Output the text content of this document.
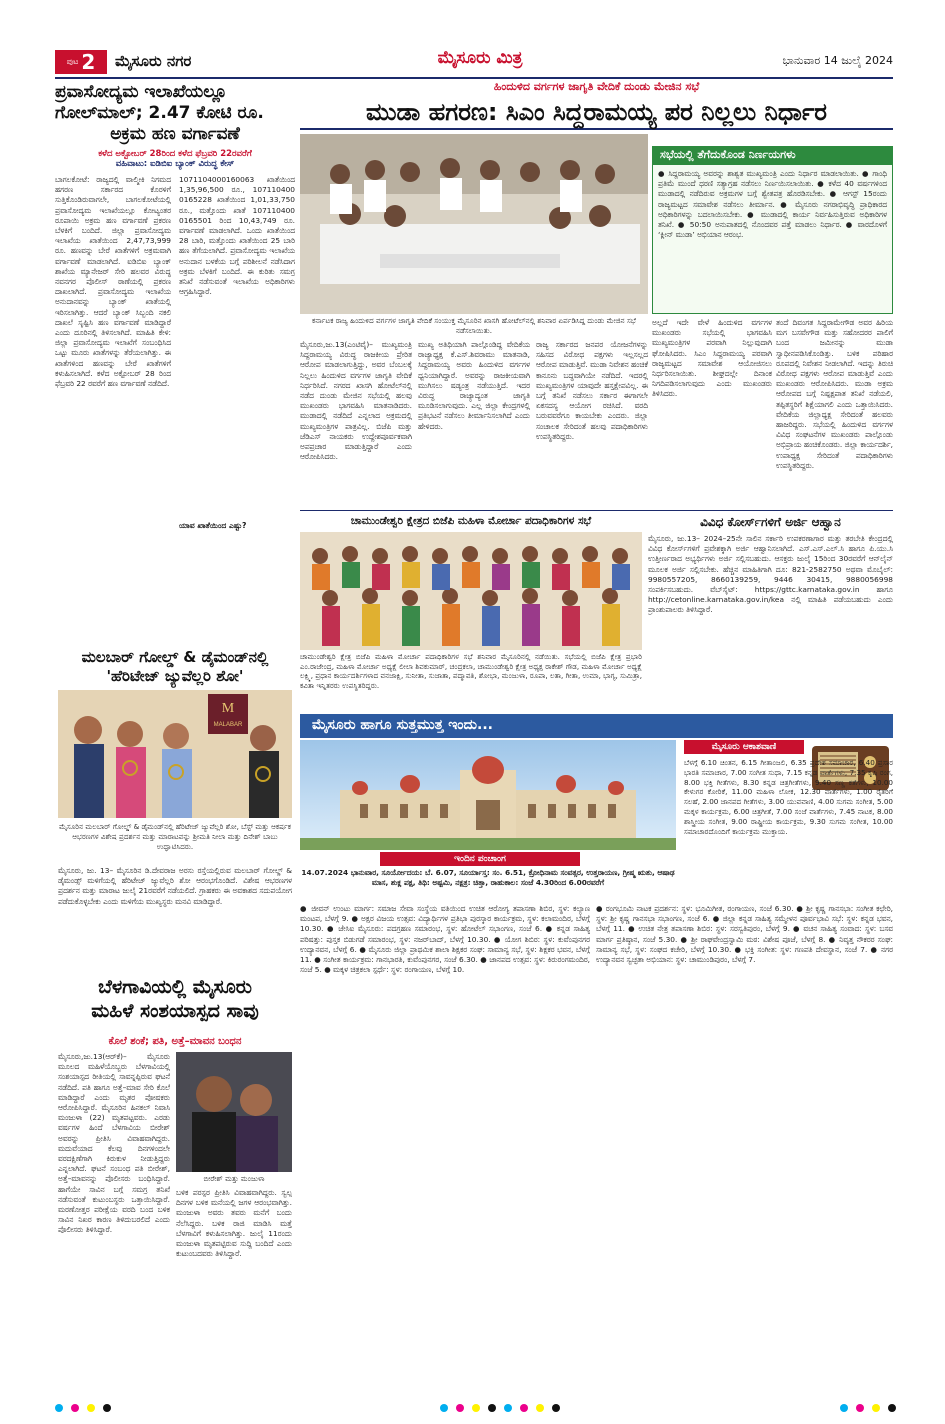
ಪುಟ 2 ಮೈಸೂರು ನಗರ	ಮೈಸೂರು ಮಿತ್ರ	ಭಾನುವಾರ 14 ಜುಲೈ 2024
ಪ್ರವಾಸೋದ್ಯಮ ಇಲಾಖೆಯಲ್ಲೂ
ಗೋಲ್‌ಮಾಲ್; 2.47 ಕೋಟಿ ರೂ.
ಅಕ್ರಮ ಹಣ ವರ್ಗಾವಣೆ
ಕಳೆದ ಅಕ್ಟೋಬರ್ 28ರಿಂದ ಕಳೆದ ಫೆಬ್ರವರಿ 22ರವರೆಗೆ
ವಹಿವಾಟು: ಐಡಿಬಿಐ ಬ್ಯಾಂಕ್ ವಿರುದ್ಧ ಕೇಸ್
ಬಾಗಲಕೋಟೆ: ರಾಜ್ಯದಲ್ಲಿ ವಾಲ್ಮೀಕಿ ನಿಗಮದ ಹಗರಣ ಸರ್ಕಾರದ ಕೊರಳಿಗೆ ಸುತ್ತಿಕೊಂಡಿರುವಾಗಲೇ, ಬಾಗಲಕೋಟೆಯಲ್ಲಿ ಪ್ರವಾಸೋದ್ಯಮ ಇಲಾಖೆಯಲ್ಲೂ ಕೋಟ್ಯಂತರ ರೂಪಾಯಿ ಅಕ್ರಮ ಹಣ ವರ್ಗಾವಣೆ ಪ್ರಕರಣ ಬೆಳಕಿಗೆ ಬಂದಿದೆ. ಜಿಲ್ಲಾ ಪ್ರವಾಸೋದ್ಯಮ ಇಲಾಖೆಯ ಖಾತೆಯಿಂದ 2,47,73,999 ರೂ. ಹಣವನ್ನು ಬೇರೆ ಖಾತೆಗಳಿಗೆ ಅಕ್ರಮವಾಗಿ ವರ್ಗಾವಣೆ ಮಾಡಲಾಗಿದೆ. ಐಡಿಬಿಐ ಬ್ಯಾಂಕ್ ಶಾಖೆಯ ಮ್ಯಾನೇಜರ್ ಸೇರಿ ಹಲವರ ವಿರುದ್ಧ ನವನಗರ ಪೊಲೀಸ್ ಠಾಣೆಯಲ್ಲಿ ಪ್ರಕರಣ ದಾಖಲಾಗಿದೆ. ಪ್ರವಾಸೋದ್ಯಮ ಇಲಾಖೆಯ ಅನುದಾನವನ್ನು ಬ್ಯಾಂಕ್ ಖಾತೆಯಲ್ಲಿ ಇರಿಸಲಾಗಿತ್ತು. ಆದರೆ ಬ್ಯಾಂಕ್ ಸಿಬ್ಬಂದಿ ನಕಲಿ ದಾಖಲೆ ಸೃಷ್ಟಿಸಿ ಹಣ ವರ್ಗಾವಣೆ ಮಾಡಿದ್ದಾರೆ ಎಂದು ದೂರಿನಲ್ಲಿ ತಿಳಿಸಲಾಗಿದೆ. ಮಾಹಿತಿ ಕೇಳಿ: ಜಿಲ್ಲಾ ಪ್ರವಾಸೋದ್ಯಮ ಇಲಾಖೆಗೆ ಸಂಬಂಧಿಸಿದ ಒಟ್ಟು ಮೂರು ಖಾತೆಗಳನ್ನು ತೆರೆಯಲಾಗಿತ್ತು. ಈ ಖಾತೆಗಳಿಂದ ಹಣವನ್ನು ಬೇರೆ ಖಾತೆಗಳಿಗೆ ಕಳುಹಿಸಲಾಗಿದೆ. ಕಳೆದ ಅಕ್ಟೋಬರ್ 28 ರಿಂದ ಫೆಬ್ರವರಿ 22 ರವರೆಗೆ ಹಣ ವರ್ಗಾವಣೆ ನಡೆದಿದೆ.
1071104000160063 ಖಾತೆಯಿಂದ 1,35,96,500 ರೂ., 107110400 0165228 ಖಾತೆಯಿಂದ 1,01,33,750 ರೂ., ಮತ್ತೊಂದು ಖಾತೆ 107110400 0165501 ರಿಂದ 10,43,749 ರೂ. ವರ್ಗಾವಣೆ ಮಾಡಲಾಗಿದೆ. ಒಂದು ಖಾತೆಯಿಂದ 28 ಬಾರಿ, ಮತ್ತೊಂದು ಖಾತೆಯಿಂದ 25 ಬಾರಿ ಹಣ ತೆಗೆಯಲಾಗಿದೆ. ಪ್ರವಾಸೋದ್ಯಮ ಇಲಾಖೆಯ ಅನುದಾನ ಬಳಕೆಯ ಬಗ್ಗೆ ಪರಿಶೀಲನೆ ನಡೆಸಿದಾಗ ಅಕ್ರಮ ಬೆಳಕಿಗೆ ಬಂದಿದೆ. ಈ ಕುರಿತು ಸಮಗ್ರ ತನಿಖೆ ನಡೆಸುವಂತೆ ಇಲಾಖೆಯ ಅಧಿಕಾರಿಗಳು ಆಗ್ರಹಿಸಿದ್ದಾರೆ.
ಯಾವ ಖಾತೆಯಿಂದ ಎಷ್ಟು?
ಮಲಬಾರ್ ಗೋಲ್ಡ್ & ಡೈಮಂಡ್‌ನಲ್ಲಿ
'ಹೆರಿಟೇಜ್ ಜ್ಯುವೆಲ್ಲರಿ ಶೋ'
M
MALABAR
ಮೈಸೂರಿನ ಮಲಬಾರ್ ಗೋಲ್ಡ್ & ಡೈಮಂಡ್‌ನಲ್ಲಿ ಹೆರಿಟೇಜ್ ಜ್ಯುವೆಲ್ಲರಿ ಶೋ, ಬೆಸ್ಟ್ ಮತ್ತು ಆಕರ್ಷಕ ಆಭರಣಗಳ ವಿಶೇಷ ಪ್ರದರ್ಶನ ಮತ್ತು ಮಾರಾಟವನ್ನು ಶ್ರೀಮತಿ ನೀಲಾ ಮತ್ತು ದಿನೇಶ್ ಬಾಬು ಉದ್ಘಾಟಿಸಿದರು.
ಮೈಸೂರು, ಜು. 13– ಮೈಸೂರಿನ ಡಿ.ದೇವರಾಜ ಅರಸು ರಸ್ತೆಯಲ್ಲಿರುವ ಮಲಬಾರ್ ಗೋಲ್ಡ್ & ಡೈಮಂಡ್ಸ್ ಮಳಿಗೆಯಲ್ಲಿ ಹೆರಿಟೇಜ್ ಜ್ಯುವೆಲ್ಲರಿ ಶೋ ಆರಂಭಗೊಂಡಿದೆ. ವಿಶೇಷ ಆಭರಣಗಳ ಪ್ರದರ್ಶನ ಮತ್ತು ಮಾರಾಟ ಜುಲೈ 21ರವರೆಗೆ ನಡೆಯಲಿದೆ. ಗ್ರಾಹಕರು ಈ ಅವಕಾಶದ ಸದುಪಯೋಗ ಪಡೆದುಕೊಳ್ಳಬೇಕು ಎಂದು ಮಳಿಗೆಯ ಮುಖ್ಯಸ್ಥರು ಮನವಿ ಮಾಡಿದ್ದಾರೆ.
ಬೆಳಗಾವಿಯಲ್ಲಿ ಮೈಸೂರು
ಮಹಿಳೆ ಸಂಶಯಾಸ್ಪದ ಸಾವು
ಕೊಲೆ ಶಂಕೆ; ಪತಿ, ಅತ್ತೆ–ಮಾವನ ಬಂಧನ
ಮೈಸೂರು,ಜು.13(ಆರ್‌ಕೆ)– ಮೈಸೂರು ಮೂಲದ ಮಹಿಳೆಯೊಬ್ಬರು ಬೆಳಗಾವಿಯಲ್ಲಿ ಸಂಶಯಾಸ್ಪದ ರೀತಿಯಲ್ಲಿ ಸಾವನ್ನಪ್ಪಿರುವ ಘಟನೆ ನಡೆದಿದೆ. ಪತಿ ಹಾಗೂ ಅತ್ತೆ–ಮಾವ ಸೇರಿ ಕೊಲೆ ಮಾಡಿದ್ದಾರೆ ಎಂದು ಮೃತರ ಪೋಷಕರು ಆರೋಪಿಸಿದ್ದಾರೆ. ಮೈಸೂರಿನ ಹಿನಕಲ್ ನಿವಾಸಿ ಮಂಜುಳಾ (22) ಮೃತಪಟ್ಟವರು. ಎರಡು ವರ್ಷಗಳ ಹಿಂದೆ ಬೆಳಗಾವಿಯ ಬೀರೇಶ್ ಅವರನ್ನು ಪ್ರೀತಿಸಿ ವಿವಾಹವಾಗಿದ್ದರು. ಮದುವೆಯಾದ ಕೆಲವು ದಿನಗಳಿಂದಲೇ ವರದಕ್ಷಿಣೆಗಾಗಿ ಕಿರುಕುಳ ನೀಡುತ್ತಿದ್ದರು ಎನ್ನಲಾಗಿದೆ. ಘಟನೆ ಸಂಬಂಧ ಪತಿ ಬೀರೇಶ್, ಅತ್ತೆ–ಮಾವನನ್ನು ಪೊಲೀಸರು ಬಂಧಿಸಿದ್ದಾರೆ. ಹಾಗೆಯೇ ಸಾವಿನ ಬಗ್ಗೆ ಸಮಗ್ರ ತನಿಖೆ ನಡೆಸುವಂತೆ ಕುಟುಂಬಸ್ಥರು ಒತ್ತಾಯಿಸಿದ್ದಾರೆ. ಮರಣೋತ್ತರ ಪರೀಕ್ಷೆಯ ವರದಿ ಬಂದ ಬಳಿಕ ಸಾವಿನ ನಿಖರ ಕಾರಣ ತಿಳಿದುಬರಲಿದೆ ಎಂದು ಪೊಲೀಸರು ತಿಳಿಸಿದ್ದಾರೆ.
ಬೀರೇಶ್ ಮತ್ತು ಮಂಜುಳಾ
ಬಳಿಕ ಪರಸ್ಪರ ಪ್ರೀತಿಸಿ ವಿವಾಹವಾಗಿದ್ದರು. ಸ್ವಲ್ಪ ದಿನಗಳ ಬಳಿಕ ಮನೆಯಲ್ಲಿ ಜಗಳ ಆರಂಭವಾಗಿತ್ತು. ಮಂಜುಳಾ ಅವರು ತವರು ಮನೆಗೆ ಬಂದು ನೆಲೆಸಿದ್ದರು. ಬಳಿಕ ರಾಜಿ ಮಾಡಿಸಿ ಮತ್ತೆ ಬೆಳಗಾವಿಗೆ ಕಳುಹಿಸಲಾಗಿತ್ತು. ಜುಲೈ 11ರಂದು ಮಂಜುಳಾ ಮೃತಪಟ್ಟಿರುವ ಸುದ್ದಿ ಬಂದಿದೆ ಎಂದು ಕುಟುಂಬದವರು ತಿಳಿಸಿದ್ದಾರೆ.
ಹಿಂದುಳಿದ ವರ್ಗಗಳ ಜಾಗೃತಿ ವೇದಿಕೆ ದುಂಡು ಮೇಜಿನ ಸಭೆ
ಮುಡಾ ಹಗರಣ: ಸಿಎಂ ಸಿದ್ದರಾಮಯ್ಯ ಪರ ನಿಲ್ಲಲು ನಿರ್ಧಾರ
ಕರ್ನಾಟಕ ರಾಜ್ಯ ಹಿಂದುಳಿದ ವರ್ಗಗಳ ಜಾಗೃತಿ ವೇದಿಕೆ ಸಂಯುಕ್ತ ಮೈಸೂರಿನ ಖಾಸಗಿ ಹೋಟೆಲ್‌ನಲ್ಲಿ ಶನಿವಾರ ಏರ್ಪಡಿಸಿದ್ದ ದುಂಡು ಮೇಜಿನ ಸಭೆ ನಡೆಸಲಾಯಿತು.
ಸಭೆಯಲ್ಲಿ ತೆಗೆದುಕೊಂಡ ನಿರ್ಣಯಗಳು
● ಸಿದ್ದರಾಮಯ್ಯ ಅವರನ್ನು ಶಾಶ್ವತ ಮುಖ್ಯಮಂತ್ರಿ ಎಂದು ನಿರ್ಧಾರ ಮಾಡಲಾಯಿತು. ● ಗಾಂಧಿ ಪ್ರತಿಮೆ ಮುಂದೆ ಧರಣಿ ಸತ್ಯಾಗ್ರಹ ನಡೆಸಲು ನಿರ್ಣಯಿಸಲಾಯಿತು. ● ಕಳೆದ 40 ವರ್ಷಗಳಿಂದ ಮುಡಾದಲ್ಲಿ ನಡೆದಿರುವ ಅಕ್ರಮಗಳ ಬಗ್ಗೆ ಶ್ವೇತಪತ್ರ ಹೊರಡಿಸಬೇಕು. ● ಆಗಸ್ಟ್ 15ರಂದು ರಾಜ್ಯಮಟ್ಟದ ಸಮಾವೇಶ ನಡೆಸಲು ತೀರ್ಮಾನ. ● ಮೈಸೂರು ನಗರಾಭಿವೃದ್ಧಿ ಪ್ರಾಧಿಕಾರದ ಅಧಿಕಾರಿಗಳನ್ನು ಬದಲಾಯಿಸಬೇಕು. ● ಮುಡಾದಲ್ಲಿ ಕಾರ್ಯ ನಿರ್ವಹಿಸುತ್ತಿರುವ ಅಧಿಕಾರಿಗಳ ತನಿಖೆ. ● 50:50 ಅನುಪಾತದಲ್ಲಿ ನೊಂದವರ ಪತ್ತೆ ಮಾಡಲು ನಿರ್ಧಾರ. ● ವಾರದೊಳಗೆ ‘ಕ್ಲೀನ್ ಮುಡಾ’ ಅಭಿಯಾನ ಆರಂಭ.
ಮೈಸೂರು,ಜು.13(ಎಂಟಿವೈ)– ಮುಖ್ಯಮಂತ್ರಿ ಸಿದ್ದರಾಮಯ್ಯ ವಿರುದ್ಧ ರಾಜಕೀಯ ಪ್ರೇರಿತ ಆರೋಪ ಮಾಡಲಾಗುತ್ತಿದ್ದು, ಅವರ ಬೆಂಬಲಕ್ಕೆ ನಿಲ್ಲಲು ಹಿಂದುಳಿದ ವರ್ಗಗಳ ಜಾಗೃತಿ ವೇದಿಕೆ ನಿರ್ಧರಿಸಿದೆ. ನಗರದ ಖಾಸಗಿ ಹೋಟೆಲ್‌ನಲ್ಲಿ ನಡೆದ ದುಂಡು ಮೇಜಿನ ಸಭೆಯಲ್ಲಿ ಹಲವು ಮುಖಂಡರು ಭಾಗವಹಿಸಿ ಮಾತನಾಡಿದರು. ಮುಡಾದಲ್ಲಿ ನಡೆದಿದೆ ಎನ್ನಲಾದ ಅಕ್ರಮದಲ್ಲಿ ಮುಖ್ಯಮಂತ್ರಿಗಳ ಪಾತ್ರವಿಲ್ಲ. ಬಿಜೆಪಿ ಮತ್ತು ಜೆಡಿಎಸ್ ನಾಯಕರು ಉದ್ದೇಶಪೂರ್ವಕವಾಗಿ ಅಪಪ್ರಚಾರ ಮಾಡುತ್ತಿದ್ದಾರೆ ಎಂದು ಆರೋಪಿಸಿದರು.
ಮುಖ್ಯ ಅತಿಥಿಯಾಗಿ ಪಾಲ್ಗೊಂಡಿದ್ದ ವೇದಿಕೆಯ ರಾಜ್ಯಾಧ್ಯಕ್ಷ ಕೆ.ಎಸ್.ಶಿವರಾಮು ಮಾತನಾಡಿ, ಸಿದ್ದರಾಮಯ್ಯ ಅವರು ಹಿಂದುಳಿದ ವರ್ಗಗಳ ಧ್ವನಿಯಾಗಿದ್ದಾರೆ. ಅವರನ್ನು ರಾಜಕೀಯವಾಗಿ ಮುಗಿಸಲು ಷಡ್ಯಂತ್ರ ನಡೆಯುತ್ತಿದೆ. ಇದರ ವಿರುದ್ಧ ರಾಜ್ಯಾದ್ಯಂತ ಜಾಗೃತಿ ಮೂಡಿಸಲಾಗುವುದು. ಎಲ್ಲ ಜಿಲ್ಲಾ ಕೇಂದ್ರಗಳಲ್ಲಿ ಪ್ರತಿಭಟನೆ ನಡೆಸಲು ತೀರ್ಮಾನಿಸಲಾಗಿದೆ ಎಂದು ಹೇಳಿದರು.
ರಾಜ್ಯ ಸರ್ಕಾರದ ಜನಪರ ಯೋಜನೆಗಳನ್ನು ಸಹಿಸದ ವಿರೋಧ ಪಕ್ಷಗಳು ಇಲ್ಲಸಲ್ಲದ ಆರೋಪ ಮಾಡುತ್ತಿವೆ. ಮುಡಾ ನಿವೇಶನ ಹಂಚಿಕೆ ಕಾನೂನು ಬದ್ಧವಾಗಿಯೇ ನಡೆದಿದೆ. ಇದರಲ್ಲಿ ಮುಖ್ಯಮಂತ್ರಿಗಳ ಯಾವುದೇ ಹಸ್ತಕ್ಷೇಪವಿಲ್ಲ. ಈ ಬಗ್ಗೆ ತನಿಖೆ ನಡೆಸಲು ಸರ್ಕಾರ ಈಗಾಗಲೇ ಏಕಸದಸ್ಯ ಆಯೋಗ ರಚಿಸಿದೆ. ವರದಿ ಬರುವವರೆಗೂ ಕಾಯಬೇಕು ಎಂದರು. ಜಿಲ್ಲಾ ಸಂಚಾಲಕ ಸೇರಿದಂತೆ ಹಲವು ಪದಾಧಿಕಾರಿಗಳು ಉಪಸ್ಥಿತರಿದ್ದರು.
ಅಲ್ಲದೆ ಇದೇ ವೇಳೆ ಹಿಂದುಳಿದ ವರ್ಗಗಳ ಮುಖಂಡರು ಸಭೆಯಲ್ಲಿ ಭಾಗವಹಿಸಿ ಮುಖ್ಯಮಂತ್ರಿಗಳ ಪರವಾಗಿ ನಿಲ್ಲುವುದಾಗಿ ಘೋಷಿಸಿದರು. ಸಿಎಂ ಸಿದ್ದರಾಮಯ್ಯ ಪರವಾಗಿ ರಾಜ್ಯಮಟ್ಟದ ಸಮಾವೇಶ ಆಯೋಜಿಸಲು ನಿರ್ಧರಿಸಲಾಯಿತು. ಶೀಘ್ರದಲ್ಲೇ ದಿನಾಂಕ ನಿಗದಿಪಡಿಸಲಾಗುವುದು ಎಂದು ಮುಖಂಡರು ತಿಳಿಸಿದರು.
ತಂದೆ ದಿವಂಗತ ಸಿದ್ದರಾಮೇಗೌಡ ಅವರ ಹಿರಿಯ ಮಗ ಬಸವೇಗೌಡ ಮತ್ತು ಸಹೋದರರ ಪಾಲಿಗೆ ಬಂದ ಜಮೀನನ್ನು ಮುಡಾ ಸ್ವಾಧೀನಪಡಿಸಿಕೊಂಡಿತ್ತು. ಬಳಿಕ ಪರಿಹಾರ ರೂಪದಲ್ಲಿ ನಿವೇಶನ ನೀಡಲಾಗಿದೆ. ಇದನ್ನು ತಿರುಚಿ ವಿರೋಧ ಪಕ್ಷಗಳು ಆರೋಪ ಮಾಡುತ್ತಿವೆ ಎಂದು ಮುಖಂಡರು ಆರೋಪಿಸಿದರು. ಮುಡಾ ಅಕ್ರಮ ಆರೋಪದ ಬಗ್ಗೆ ನಿಷ್ಪಕ್ಷಪಾತ ತನಿಖೆ ನಡೆಯಲಿ, ತಪ್ಪಿತಸ್ಥರಿಗೆ ಶಿಕ್ಷೆಯಾಗಲಿ ಎಂದು ಒತ್ತಾಯಿಸಿದರು. ವೇದಿಕೆಯ ಜಿಲ್ಲಾಧ್ಯಕ್ಷ ಸೇರಿದಂತೆ ಹಲವರು ಹಾಜರಿದ್ದರು. ಸಭೆಯಲ್ಲಿ ಹಿಂದುಳಿದ ವರ್ಗಗಳ ವಿವಿಧ ಸಂಘಟನೆಗಳ ಮುಖಂಡರು ಪಾಲ್ಗೊಂಡು ಅಭಿಪ್ರಾಯ ಹಂಚಿಕೊಂಡರು. ಜಿಲ್ಲಾ ಕಾರ್ಯದರ್ಶಿ, ಉಪಾಧ್ಯಕ್ಷ ಸೇರಿದಂತೆ ಪದಾಧಿಕಾರಿಗಳು ಉಪಸ್ಥಿತರಿದ್ದರು.
ಚಾಮುಂಡೇಶ್ವರಿ ಕ್ಷೇತ್ರದ ಬಿಜೆಪಿ ಮಹಿಳಾ ಮೋರ್ಚಾ ಪದಾಧಿಕಾರಿಗಳ ಸಭೆ
ಚಾಮುಂಡೇಶ್ವರಿ ಕ್ಷೇತ್ರ ಬಿಜೆಪಿ ಮಹಿಳಾ ಮೋರ್ಚಾ ಪದಾಧಿಕಾರಿಗಳ ಸಭೆ ಶನಿವಾರ ಮೈಸೂರಿನಲ್ಲಿ ನಡೆಯಿತು. ಸಭೆಯಲ್ಲಿ ಬಿಜೆಪಿ ಕ್ಷೇತ್ರ ಪ್ರಭಾರಿ ಎಂ.ರಾಜೇಂದ್ರ, ಮಹಿಳಾ ಮೋರ್ಚಾ ಅಧ್ಯಕ್ಷೆ ಲೀಲಾ ಶಿವಕುಮಾರ್, ಚಂದ್ರಕಲಾ, ಚಾಮುಂಡೇಶ್ವರಿ ಕ್ಷೇತ್ರ ಅಧ್ಯಕ್ಷ ರಾಕೇಶ್ ಗೌಡ, ಮಹಿಳಾ ಮೋರ್ಚಾ ಅಧ್ಯಕ್ಷೆ ಲಕ್ಷ್ಮಿ, ಪ್ರಧಾನ ಕಾರ್ಯದರ್ಶಿಗಳಾದ ವನಜಾಕ್ಷಿ, ಸುನೀತಾ, ಸುಜಾತಾ, ಪದ್ಮಾವತಿ, ಶೋಭಾ, ಮಂಜುಳಾ, ರೂಪಾ, ಲತಾ, ಗೀತಾ, ಉಮಾ, ಭಾಗ್ಯ, ಸುಮಿತ್ರಾ, ಕವಿತಾ ಇನ್ನಿತರರು ಉಪಸ್ಥಿತರಿದ್ದರು.
ವಿವಿಧ ಕೋರ್ಸ್‌ಗಳಿಗೆ ಅರ್ಜಿ ಆಹ್ವಾನ
ಮೈಸೂರು, ಜು.13– 2024–25ನೇ ಸಾಲಿನ ಸರ್ಕಾರಿ ಉಪಕರಣಾಗಾರ ಮತ್ತು ತರಬೇತಿ ಕೇಂದ್ರದಲ್ಲಿ ವಿವಿಧ ಕೋರ್ಸ್‌ಗಳಿಗೆ ಪ್ರವೇಶಕ್ಕಾಗಿ ಅರ್ಜಿ ಆಹ್ವಾನಿಸಲಾಗಿದೆ. ಎಸ್.ಎಸ್.ಎಲ್.ಸಿ ಹಾಗೂ ಪಿ.ಯು.ಸಿ ಉತ್ತೀರ್ಣರಾದ ಅಭ್ಯರ್ಥಿಗಳು ಅರ್ಜಿ ಸಲ್ಲಿಸಬಹುದು. ಆಸಕ್ತರು ಜುಲೈ 15ರಿಂದ 30ರವರೆಗೆ ಆನ್‌ಲೈನ್ ಮೂಲಕ ಅರ್ಜಿ ಸಲ್ಲಿಸಬೇಕು. ಹೆಚ್ಚಿನ ಮಾಹಿತಿಗಾಗಿ ದೂ: 821-2582750 ಅಥವಾ ಮೊಬೈಲ್: 9980557205, 8660139259, 9446 30415, 9880056998 ಸಂಪರ್ಕಿಸಬಹುದು. ವೆಬ್‌ಸೈಟ್: https://gttc.karnataka.gov.in ಹಾಗೂ http://cetonline.karnataka.gov.in/kea ನಲ್ಲಿ ಮಾಹಿತಿ ಪಡೆಯಬಹುದು ಎಂದು ಪ್ರಾಂಶುಪಾಲರು ತಿಳಿಸಿದ್ದಾರೆ.
ಮೈಸೂರು ಹಾಗೂ ಸುತ್ತಮುತ್ತ ಇಂದು...
ಇಂದಿನ ಪಂಚಾಂಗ
14.07.2024 ಭಾನುವಾರ, ಸೂರ್ಯೋದಯ: ಬೆ. 6.07, ಸೂರ್ಯಾಸ್ತ: ಸಂ. 6.51, ಕ್ರೋಧಿನಾಮ ಸಂವತ್ಸರ, ಉತ್ತರಾಯಣ, ಗ್ರೀಷ್ಮ ಋತು, ಆಷಾಢ ಮಾಸ, ಶುಕ್ಲ ಪಕ್ಷ, ತಿಥಿ: ಅಷ್ಟಮಿ, ನಕ್ಷತ್ರ: ಚಿತ್ತಾ, ರಾಹುಕಾಲ: ಸಂಜೆ 4.30ರಿಂದ 6.00ರವರೆಗೆ
ಮೈಸೂರು ಆಕಾಶವಾಣಿ
ಬೆಳಗ್ಗೆ 6.10 ಚಿಂತನ, 6.15 ಗೀತಾಂಜಲಿ, 6.35 ಪ್ರದೇಶ ಸಮಾಚಾರ, 6.40 ಪ್ರಸಾರ ಭಾರತಿ ಸಮಾಚಾರ, 7.00 ಸಂಗೀತ ಸುಧಾ, 7.15 ಕನ್ನಡ ವಾರ್ತೆಗಳು, 7.35 ಕೃಷಿ ರಂಗ, 8.00 ಭಕ್ತಿ ಗೀತೆಗಳು, 8.30 ಕನ್ನಡ ಚಿತ್ರಗೀತೆಗಳು, 9.40 ಸಣ್ಣ ಕತೆಗಳು, 10.00 ಕೇಳುಗರ ಕೋರಿಕೆ, 11.00 ಮಹಿಳಾ ಲೋಕ, 12.30 ವಾರ್ತೆಗಳು, 1.00 ರೈತರಿಗೆ ಸಲಹೆ, 2.00 ಜಾನಪದ ಗೀತೆಗಳು, 3.00 ಯುವವಾಣಿ, 4.00 ಸುಗಮ ಸಂಗೀತ, 5.00 ಮಕ್ಕಳ ಕಾರ್ಯಕ್ರಮ, 6.00 ಚಿತ್ರಗೀತೆ, 7.00 ಸಂಜೆ ವಾರ್ತೆಗಳು, 7.45 ನಾಟಕ, 8.00 ಶಾಸ್ತ್ರೀಯ ಸಂಗೀತ, 9.00 ರಾಷ್ಟ್ರೀಯ ಕಾರ್ಯಕ್ರಮ, 9.30 ಸುಗಮ ಸಂಗೀತ, 10.00 ಸಮಾಚಾರದೊಂದಿಗೆ ಕಾರ್ಯಕ್ರಮ ಮುಕ್ತಾಯ.
● ಜೀವನ್‌ ಉಂಟು ಮಾರ್ಗ: ಸಮಾಜ ಸೇವಾ ಸಂಸ್ಥೆಯ ವತಿಯಿಂದ ಉಚಿತ ಆರೋಗ್ಯ ತಪಾಸಣಾ ಶಿಬಿರ, ಸ್ಥಳ: ಕಲ್ಯಾಣ ಮಂಟಪ, ಬೆಳಗ್ಗೆ 9. ● ಅಕ್ಷರ ವಿಜಯ ಉತ್ಸವ: ವಿದ್ಯಾರ್ಥಿಗಳ ಪ್ರತಿಭಾ ಪುರಸ್ಕಾರ ಕಾರ್ಯಕ್ರಮ, ಸ್ಥಳ: ಕಲಾಮಂದಿರ, ಬೆಳಗ್ಗೆ 10.30. ● ಜೇಸಿಐ ಮೈಸೂರು: ಪದಗ್ರಹಣ ಸಮಾರಂಭ, ಸ್ಥಳ: ಹೋಟೆಲ್ ಸಭಾಂಗಣ, ಸಂಜೆ 6. ● ಕನ್ನಡ ಸಾಹಿತ್ಯ ಪರಿಷತ್ತು: ಪುಸ್ತಕ ಬಿಡುಗಡೆ ಸಮಾರಂಭ, ಸ್ಥಳ: ನಜರ್‌ಬಾದ್, ಬೆಳಗ್ಗೆ 10.30. ● ಯೋಗ ಶಿಬಿರ: ಸ್ಥಳ: ಕುವೆಂಪುನಗರ ಉದ್ಯಾನವನ, ಬೆಳಗ್ಗೆ 6. ● ಮೈಸೂರು ಜಿಲ್ಲಾ ಪ್ರಾಥಮಿಕ ಶಾಲಾ ಶಿಕ್ಷಕರ ಸಂಘ: ಸಾಮಾನ್ಯ ಸಭೆ, ಸ್ಥಳ: ಶಿಕ್ಷಕರ ಭವನ, ಬೆಳಗ್ಗೆ 11. ● ಸಂಗೀತ ಕಾರ್ಯಕ್ರಮ: ಗಾನಭಾರತಿ, ಕುವೆಂಪುನಗರ, ಸಂಜೆ 6.30. ● ಜಾನಪದ ಉತ್ಸವ: ಸ್ಥಳ: ಕಿರುರಂಗಮಂದಿರ, ಸಂಜೆ 5. ● ಮಕ್ಕಳ ಚಿತ್ರಕಲಾ ಸ್ಪರ್ಧೆ: ಸ್ಥಳ: ರಂಗಾಯಣ, ಬೆಳಗ್ಗೆ 10.
● ರಂಗಭೂಮಿ ನಾಟಕ ಪ್ರದರ್ಶನ: ಸ್ಥಳ: ಭೂಮಿಗೀತ, ರಂಗಾಯಣ, ಸಂಜೆ 6.30. ● ಶ್ರೀ ಕೃಷ್ಣ ಗಾನಸಭಾ: ಸಂಗೀತ ಕಛೇರಿ, ಸ್ಥಳ: ಶ್ರೀ ಕೃಷ್ಣ ಗಾನಸಭಾ ಸಭಾಂಗಣ, ಸಂಜೆ 6. ● ಜಿಲ್ಲಾ ಕನ್ನಡ ಸಾಹಿತ್ಯ ಸಮ್ಮೇಳನ ಪೂರ್ವಭಾವಿ ಸಭೆ: ಸ್ಥಳ: ಕನ್ನಡ ಭವನ, ಬೆಳಗ್ಗೆ 11. ● ಉಚಿತ ನೇತ್ರ ತಪಾಸಣಾ ಶಿಬಿರ: ಸ್ಥಳ: ಸರಸ್ವತಿಪುರಂ, ಬೆಳಗ್ಗೆ 9. ● ವಚನ ಸಾಹಿತ್ಯ ಸಂವಾದ: ಸ್ಥಳ: ಬಸವ ಮಾರ್ಗ ಪ್ರತಿಷ್ಠಾನ, ಸಂಜೆ 5.30. ● ಶ್ರೀ ರಾಘವೇಂದ್ರಸ್ವಾಮಿ ಮಠ: ವಿಶೇಷ ಪೂಜೆ, ಬೆಳಗ್ಗೆ 8. ● ನಿವೃತ್ತ ನೌಕರರ ಸಂಘ: ಸಾಮಾನ್ಯ ಸಭೆ, ಸ್ಥಳ: ಸಂಘದ ಕಚೇರಿ, ಬೆಳಗ್ಗೆ 10.30. ● ಭಕ್ತಿ ಸಂಗೀತ: ಸ್ಥಳ: ಗಣಪತಿ ದೇವಸ್ಥಾನ, ಸಂಜೆ 7. ● ನಗರ ಉದ್ಯಾನವನ ಸ್ವಚ್ಛತಾ ಅಭಿಯಾನ: ಸ್ಥಳ: ಚಾಮುಂಡಿಪುರಂ, ಬೆಳಗ್ಗೆ 7.
